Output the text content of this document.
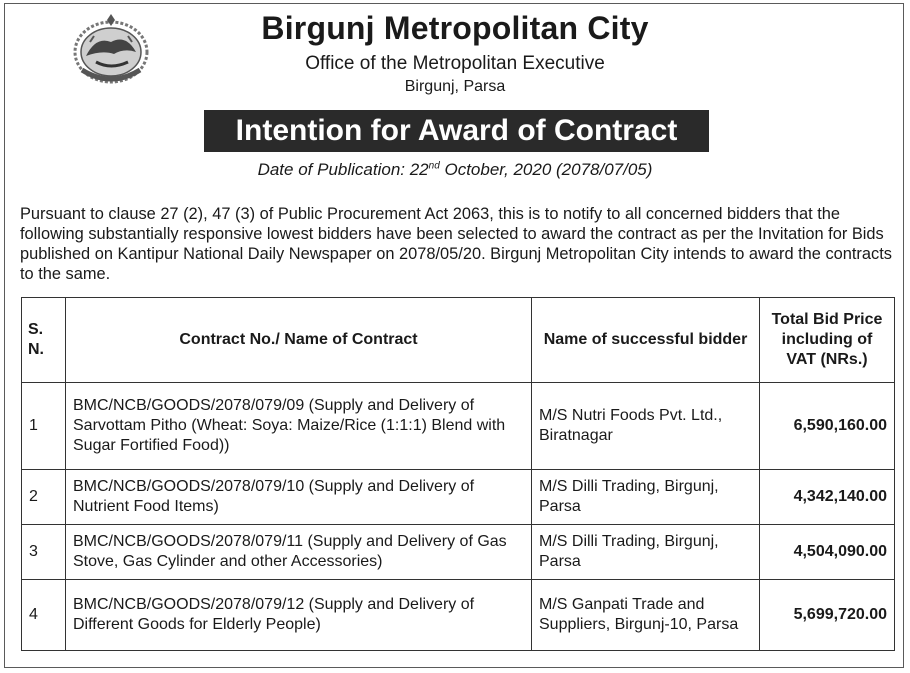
Birgunj Metropolitan City
Office of the Metropolitan Executive
Birgunj, Parsa
Intention for Award of Contract
Date of Publication: 22nd October, 2020 (2078/07/05)
Pursuant to clause 27 (2), 47 (3) of Public Procurement Act 2063, this is to notify to all concerned bidders that the following substantially responsive lowest bidders have been selected to award the contract as per the Invitation for Bids published on Kantipur National Daily Newspaper on 2078/05/20. Birgunj Metropolitan City intends to award the contracts to the same.
S. N.	Contract No./ Name of Contract	Name of successful bidder	Total Bid Price including of VAT (NRs.)
1	BMC/NCB/GOODS/2078/079/09 (Supply and Delivery of Sarvottam Pitho (Wheat: Soya: Maize/Rice (1:1:1) Blend with Sugar Fortified Food))	M/S Nutri Foods Pvt. Ltd., Biratnagar	6,590,160.00
2	BMC/NCB/GOODS/2078/079/10 (Supply and Delivery of Nutrient Food Items)	M/S Dilli Trading, Birgunj, Parsa	4,342,140.00
3	BMC/NCB/GOODS/2078/079/11 (Supply and Delivery of Gas Stove, Gas Cylinder and other Accessories)	M/S Dilli Trading, Birgunj, Parsa	4,504,090.00
4	BMC/NCB/GOODS/2078/079/12 (Supply and Delivery of Different Goods for Elderly People)	M/S Ganpati Trade and Suppliers, Birgunj-10, Parsa	5,699,720.00
